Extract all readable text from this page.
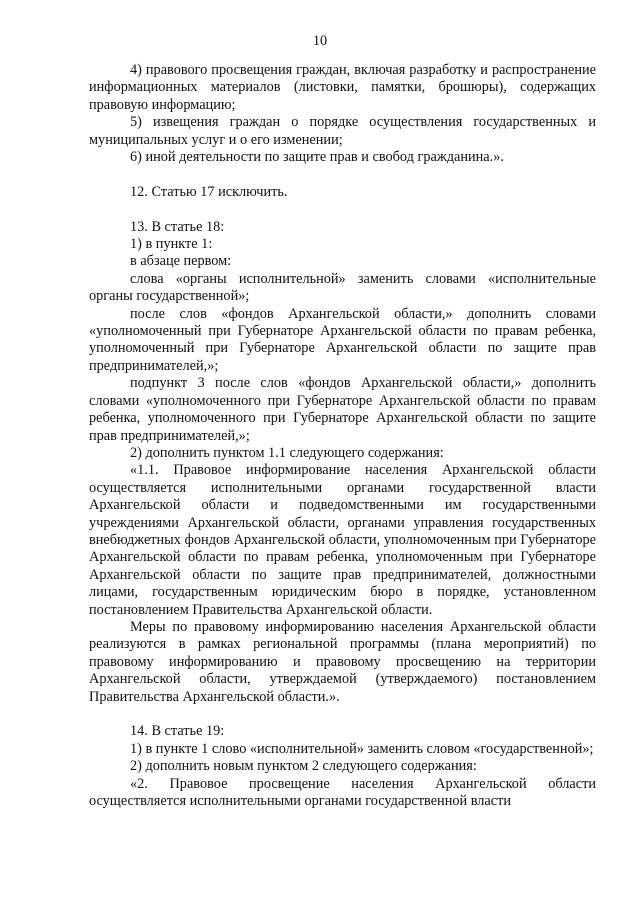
10

4) правового просвещения граждан, включая разработку и распространение информационных материалов (листовки, памятки, брошюры), содержащих правовую информацию;

5) извещения граждан о порядке осуществления государственных и муниципальных услуг и о его изменении;

6) иной деятельности по защите прав и свобод гражданина.».

12. Статью 17 исключить.

13. В статье 18:

1) в пункте 1:

в абзаце первом:

слова «органы исполнительной» заменить словами «исполнительные органы государственной»;

после слов «фондов Архангельской области,» дополнить словами «уполномоченный при Губернаторе Архангельской области по правам ребенка, уполномоченный при Губернаторе Архангельской области по защите прав предпринимателей,»;

подпункт 3 после слов «фондов Архангельской области,» дополнить словами «уполномоченного при Губернаторе Архангельской области по правам ребенка, уполномоченного при Губернаторе Архангельской области по защите прав предпринимателей,»;

2) дополнить пунктом 1.1 следующего содержания:

«1.1. Правовое информирование населения Архангельской области осуществляется исполнительными органами государственной власти Архангельской области и подведомственными им государственными учреждениями Архангельской области, органами управления государственных внебюджетных фондов Архангельской области, уполномоченным при Губернаторе Архангельской области по правам ребенка, уполномоченным при Губернаторе Архангельской области по защите прав предпринимателей, должностными лицами, государственным юридическим бюро в порядке, установленном постановлением Правительства Архангельской области.

Меры по правовому информированию населения Архангельской области реализуются в рамках региональной программы (плана мероприятий) по правовому информированию и правовому просвещению на территории Архангельской области, утверждаемой (утверждаемого) постановлением Правительства Архангельской области.».

14. В статье 19:

1) в пункте 1 слово «исполнительной» заменить словом «государственной»;

2) дополнить новым пунктом 2 следующего содержания:

«2. Правовое просвещение населения Архангельской области осуществляется исполнительными органами государственной власти
